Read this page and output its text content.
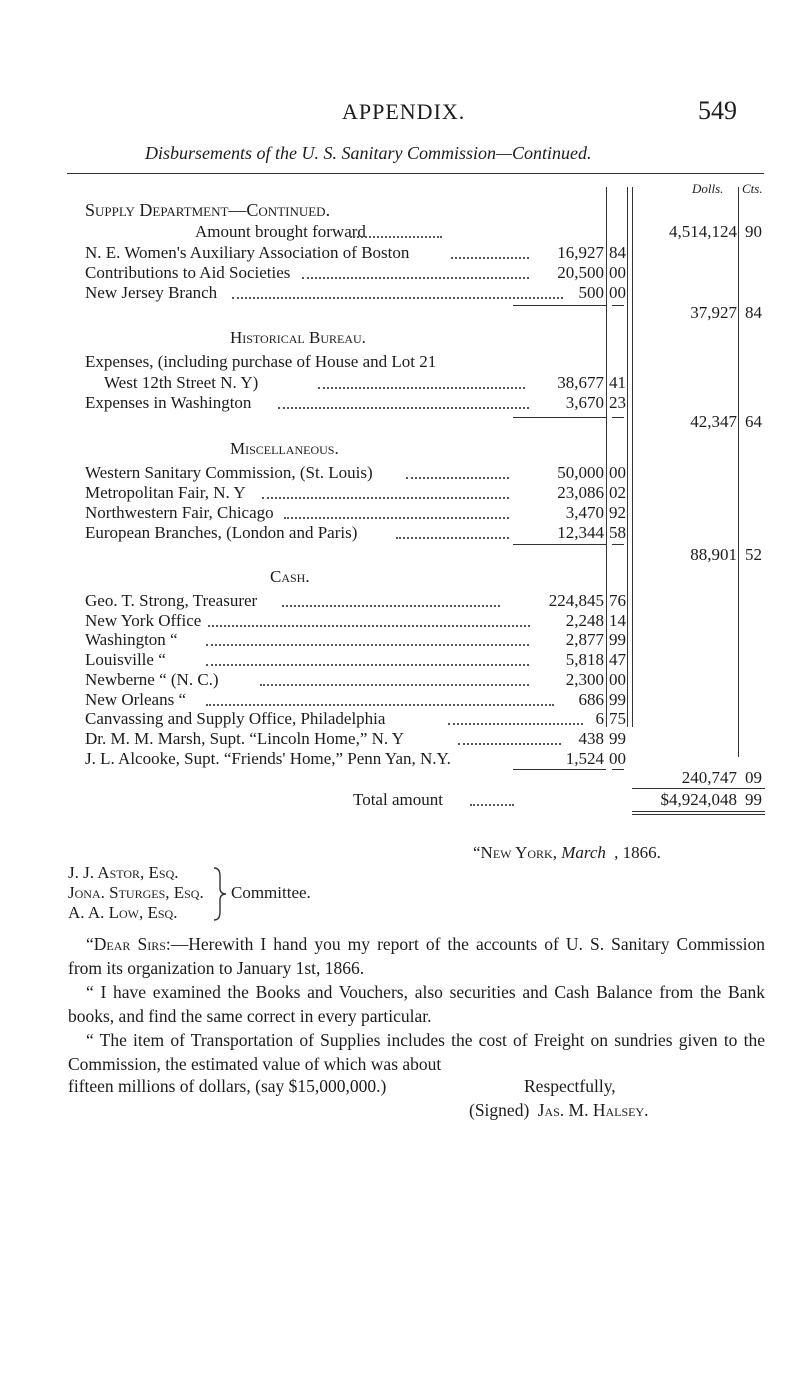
APPENDIX.	549
Disbursements of the U. S. Sanitary Commission—Continued.
Dolls. Cts.
Supply Department—Continued.
Amount brought forward	4,514,124 90
N. E. Women's Auxiliary Association of Boston	16,927 84
Contributions to Aid Societies	20,500 00
New Jersey Branch	500 00
37,927 84
Historical Bureau.
Expenses, (including purchase of House and Lot 21
West 12th Street N. Y)	38,677 41
Expenses in Washington	3,670 23
42,347 64
Miscellaneous.
Western Sanitary Commission, (St. Louis)	50,000 00
Metropolitan Fair, N. Y	23,086 02
Northwestern Fair, Chicago	3,470 92
European Branches, (London and Paris)	12,344 58
88,901 52
Cash.
Geo. T. Strong, Treasurer	224,845 76
New York Office	2,248 14
Washington “	2,877 99
Louisville “	5,818 47
Newberne “ (N. C.)	2,300 00
New Orleans “	686 99
Canvassing and Supply Office, Philadelphia	6 75
Dr. M. M. Marsh, Supt. “Lincoln Home,” N. Y	438 99
J. L. Alcooke, Supt. “Friends' Home,” Penn Yan, N.Y.	1,524 00
240,747 09
Total amount	$4,924,048 99
“New York, March , 1866.
J. J. Astor, Esq.
Jona. Sturges, Esq.
A. A. Low, Esq.
Committee.
“Dear Sirs:—Herewith I hand you my report of the accounts of U. S. Sanitary Commission from its organization to January 1st, 1866.
“ I have examined the Books and Vouchers, also securities and Cash Balance from the Bank books, and find the same correct in every particular.
“ The item of Transportation of Supplies includes the cost of Freight on sundries given to the Commission, the estimated value of which was about
fifteen millions of dollars, (say $15,000,000.)	Respectfully,
(Signed) Jas. M. Halsey.
